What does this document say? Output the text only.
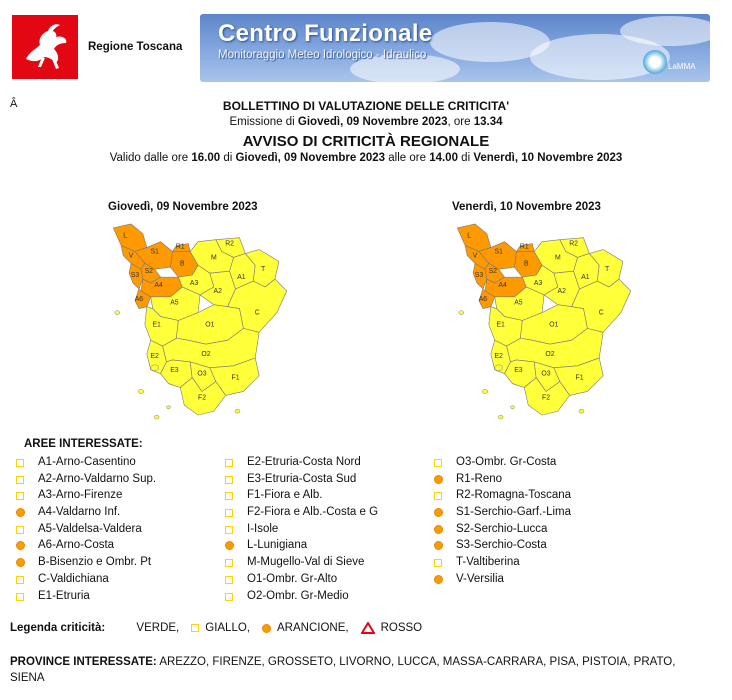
Regione Toscana Centro Funzionale
Monitoraggio Meteo Idrologico - Idraulico
LaMMA
Â	BOLLETTINO DI VALUTAZIONE DELLE CRITICITA'
Emissione di Giovedì, 09 Novembre 2023, ore 13.34
AVVISO DI CRITICITÀ REGIONALE
Valido dalle ore 16.00 di Giovedì, 09 Novembre 2023 alle ore 14.00 di Venerdì, 10 Novembre 2023
Giovedì, 09 Novembre 2023	Venerdì, 10 Novembre 2023
L
S1
V
S2
S3
B
R1
A4
A6
R2
M
A3
A5
A2
A1
T
C
E1	O1
E2	O2
E3
O3
F1
F2
L
S1
V
S2
S3
B
R1
A4
A6
R2
M
A3
A5
A2
A1
T
C
E1	O1
E2	O2
E3
O3
F1
F2
AREE INTERESSATE:
A1-Arno-Casentino
A2-Arno-Valdarno Sup.
A3-Arno-Firenze
A4-Valdarno Inf.
A5-Valdelsa-Valdera
A6-Arno-Costa
B-Bisenzio e Ombr. Pt
C-Valdichiana
E1-Etruria
E2-Etruria-Costa Nord
E3-Etruria-Costa Sud
F1-Fiora e Alb.
F2-Fiora e Alb.-Costa e G
I-Isole
L-Lunigiana
M-Mugello-Val di Sieve
O1-Ombr. Gr-Alto
O2-Ombr. Gr-Medio
O3-Ombr. Gr-Costa
R1-Reno
R2-Romagna-Toscana
S1-Serchio-Garf.-Lima
S2-Serchio-Lucca
S3-Serchio-Costa
T-Valtiberina
V-Versilia
Legenda criticità:	VERDE, GIALLO, ARANCIONE,	ROSSO
PROVINCE INTERESSATE: AREZZO, FIRENZE, GROSSETO, LIVORNO, LUCCA, MASSA-CARRARA, PISA, PISTOIA, PRATO, SIENA
